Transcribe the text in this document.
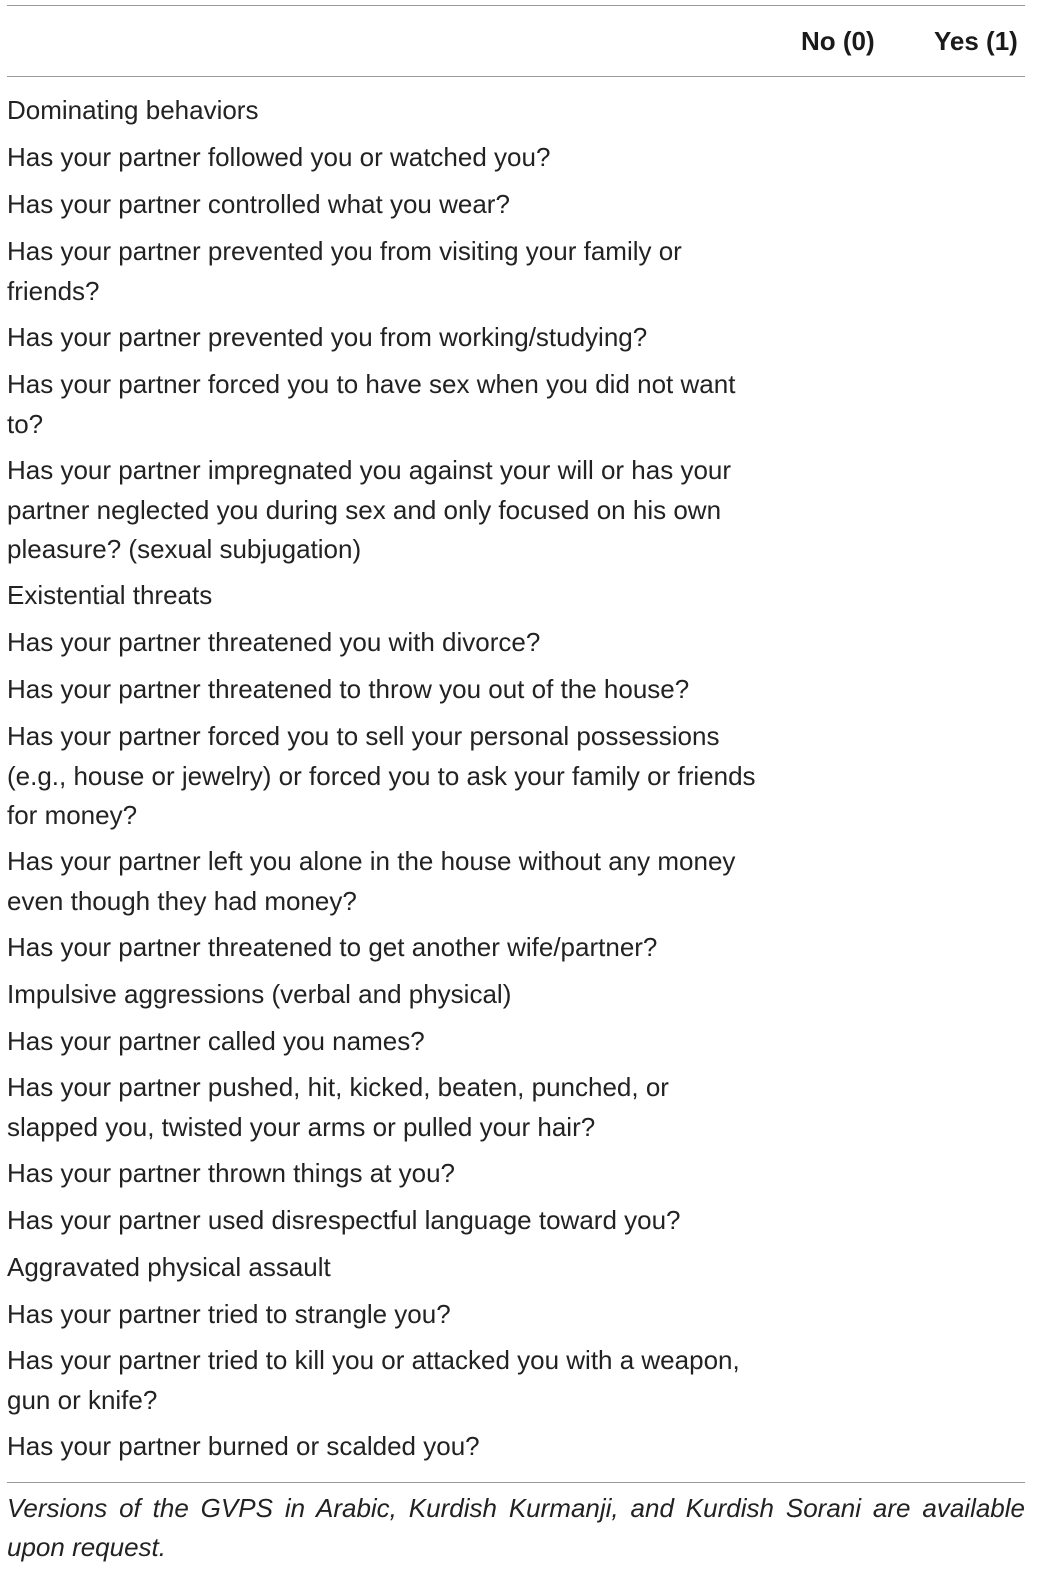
No (0) Yes (1)
Dominating behaviors
Has your partner followed you or watched you?
Has your partner controlled what you wear?
Has your partner prevented you from visiting your family or friends?
Has your partner prevented you from working/studying?
Has your partner forced you to have sex when you did not want to?
Has your partner impregnated you against your will or has your partner neglected you during sex and only focused on his own pleasure? (sexual subjugation)
Existential threats
Has your partner threatened you with divorce?
Has your partner threatened to throw you out of the house?
Has your partner forced you to sell your personal possessions (e.g., house or jewelry) or forced you to ask your family or friends for money?
Has your partner left you alone in the house without any money even though they had money?
Has your partner threatened to get another wife/partner?
Impulsive aggressions (verbal and physical)
Has your partner called you names?
Has your partner pushed, hit, kicked, beaten, punched, or slapped you, twisted your arms or pulled your hair?
Has your partner thrown things at you?
Has your partner used disrespectful language toward you?
Aggravated physical assault
Has your partner tried to strangle you?
Has your partner tried to kill you or attacked you with a weapon, gun or knife?
Has your partner burned or scalded you?
Versions of the GVPS in Arabic, Kurdish Kurmanji, and Kurdish Sorani are available upon request.
